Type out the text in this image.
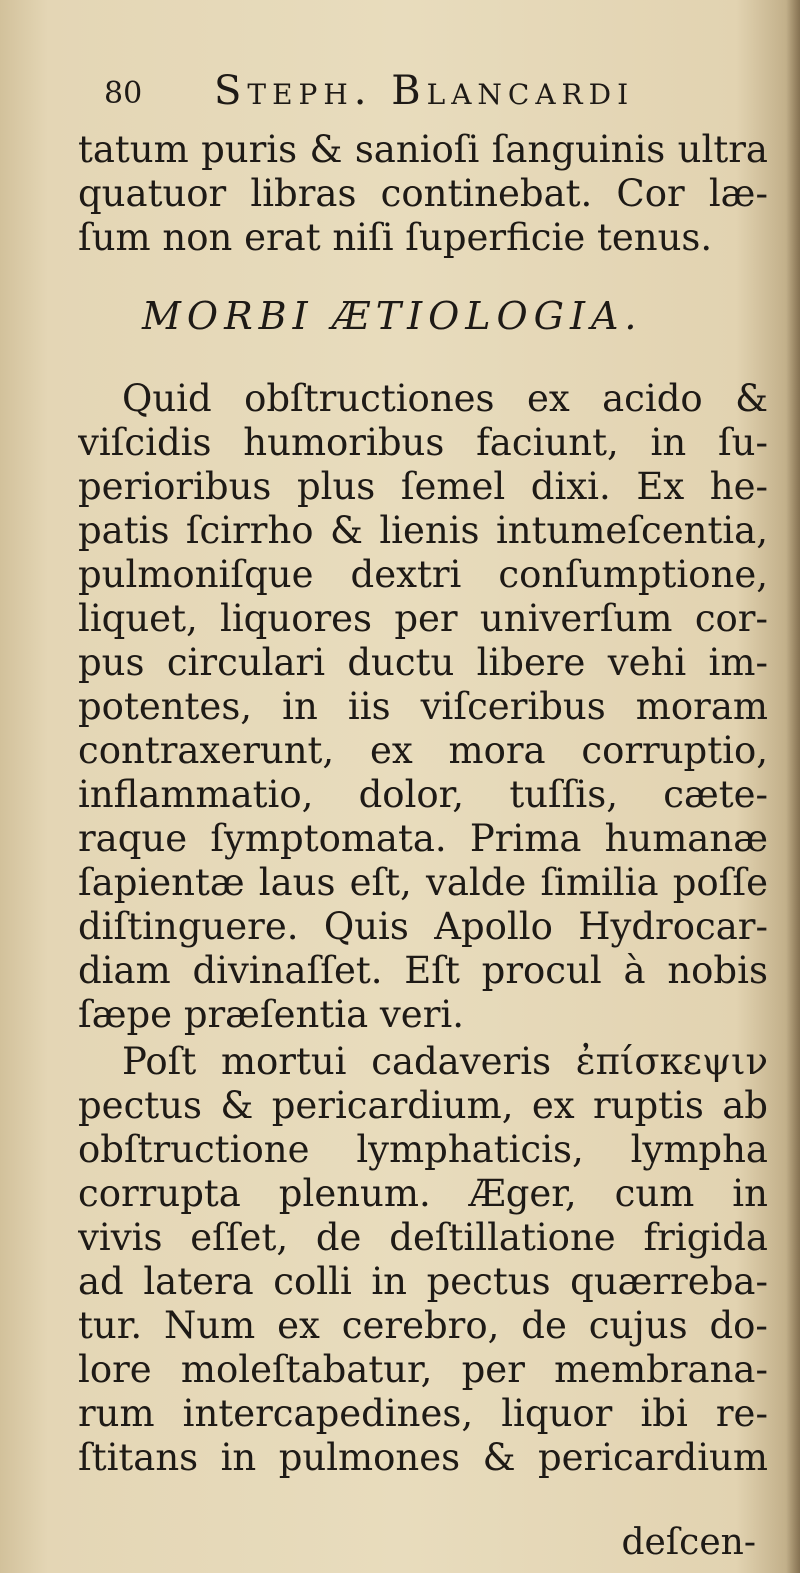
80 Steph. Blancardi
tatum puris & sanioſi ſanguinis ultra
quatuor libras continebat. Cor læ-
ſum non erat niſi ſuperficie tenus.
MORBI ÆTIOLOGIA.
Quid obſtructiones ex acido &
viſcidis humoribus faciunt, in ſu-
perioribus plus ſemel dixi. Ex he-
patis ſcirrho & lienis intumeſcentia,
pulmoniſque dextri conſumptione,
liquet, liquores per univerſum cor-
pus circulari ductu libere vehi im-
potentes, in iis viſceribus moram
contraxerunt, ex mora corruptio,
inflammatio, dolor, tuſſis, cæte-
raque ſymptomata. Prima humanæ
ſapientæ laus eſt, valde ſimilia poſſe
diſtinguere. Quis Apollo Hydrocar-
diam divinaſſet. Eſt procul à nobis
ſæpe præſentia veri.
Poſt mortui cadaveris ἐπίσκεψιν
pectus & pericardium, ex ruptis ab
obſtructione lymphaticis, lympha
corrupta plenum. Æger, cum in
vivis eſſet, de deſtillatione frigida
ad latera colli in pectus quærreba-
tur. Num ex cerebro, de cujus do-
lore moleſtabatur, per membrana-
rum intercapedines, liquor ibi re-
ſtitans in pulmones & pericardium
deſcen-
